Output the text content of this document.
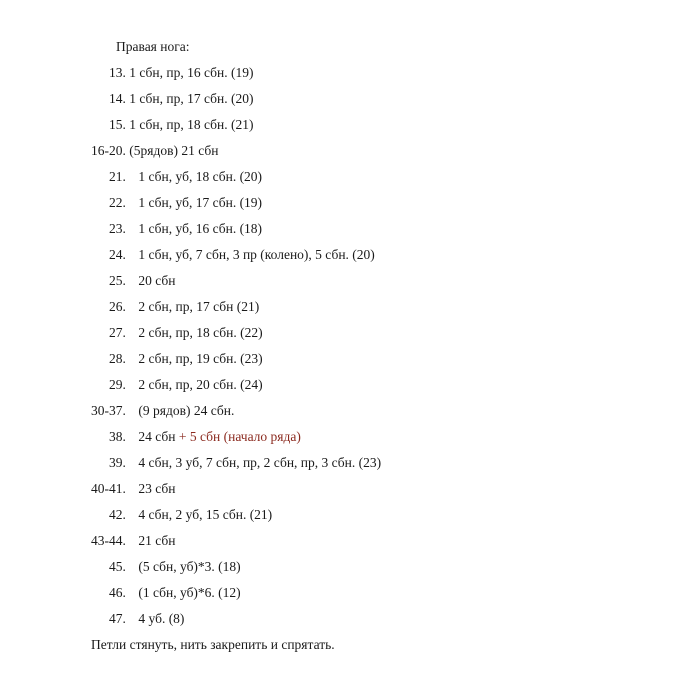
Правая нога:
13. 1 сбн, пр, 16 сбн. (19)
14. 1 сбн, пр, 17 сбн. (20)
15. 1 сбн, пр, 18 сбн. (21)
16-20. (5рядов) 21 сбн
21. 1 сбн, уб, 18 сбн. (20)
22. 1 сбн, уб, 17 сбн. (19)
23. 1 сбн, уб, 16 сбн. (18)
24. 1 сбн, уб, 7 сбн, 3 пр (колено), 5 сбн. (20)
25. 20 сбн
26. 2 сбн, пр, 17 сбн (21)
27. 2 сбн, пр, 18 сбн. (22)
28. 2 сбн, пр, 19 сбн. (23)
29. 2 сбн, пр, 20 сбн. (24)
30-37. (9 рядов) 24 сбн.
38. 24 сбн + 5 сбн (начало ряда)
39. 4 сбн, 3 уб, 7 сбн, пр, 2 сбн, пр, 3 сбн. (23)
40-41. 23 сбн
42. 4 сбн, 2 уб, 15 сбн. (21)
43-44. 21 сбн
45. (5 сбн, уб)*3. (18)
46. (1 сбн, уб)*6. (12)
47. 4 уб. (8)
Петли стянуть, нить закрепить и спрятать.
